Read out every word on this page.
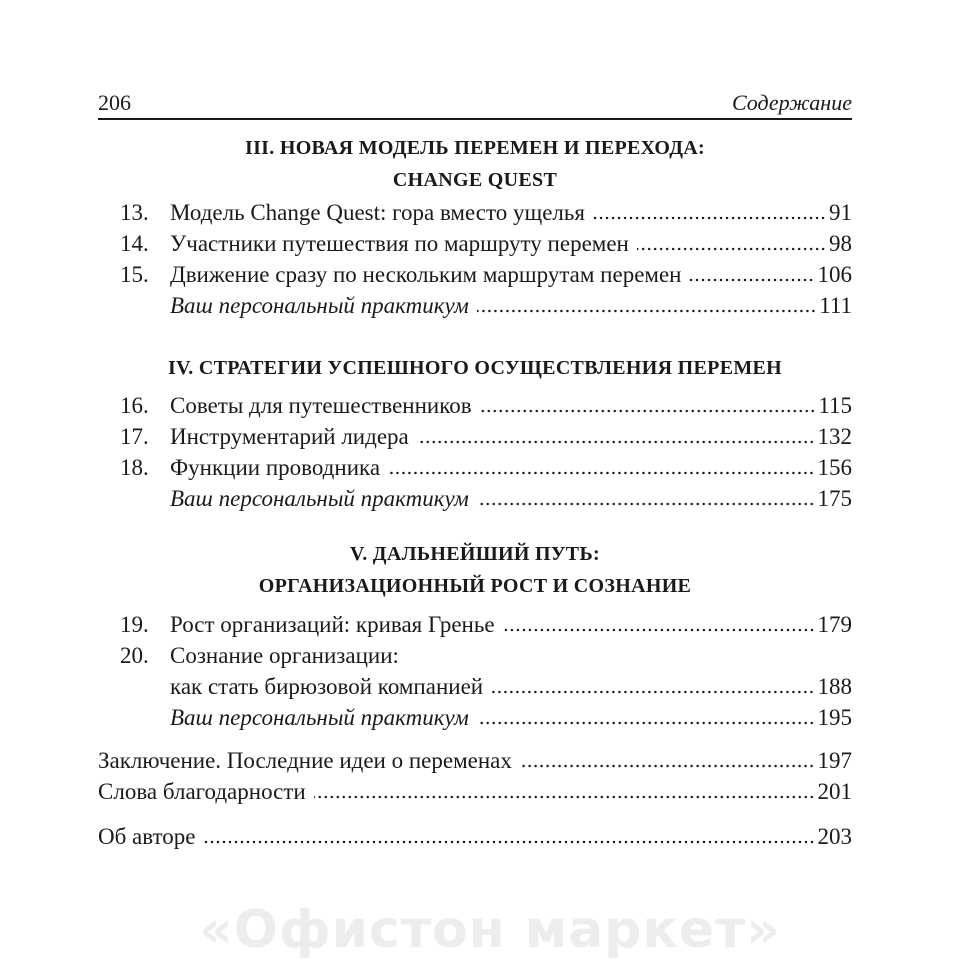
206	Содержание
III. НОВАЯ МОДЕЛЬ ПЕРЕМЕН И ПЕРЕХОДА:
CHANGE QUEST
13. Модель Change Quest: гора вместо ущелья	91
14. Участники путешествия по маршруту перемен	98
15. Движение сразу по нескольким маршрутам перемен	106
Ваш персональный практикум	111
IV. СТРАТЕГИИ УСПЕШНОГО ОСУЩЕСТВЛЕНИЯ ПЕРЕМЕН
16. Советы для путешественников	115
17. Инструментарий лидера	132
18. Функции проводника	156
Ваш персональный практикум	175
V. ДАЛЬНЕЙШИЙ ПУТЬ:
ОРГАНИЗАЦИОННЫЙ РОСТ И СОЗНАНИЕ
19. Рост организаций: кривая Гренье	179
20. Сознание организации:
как стать бирюзовой компанией	188
Ваш персональный практикум	195
Заключение. Последние идеи о переменах	197
Слова благодарности	201
Об авторе	203
«Офистон маркет»
